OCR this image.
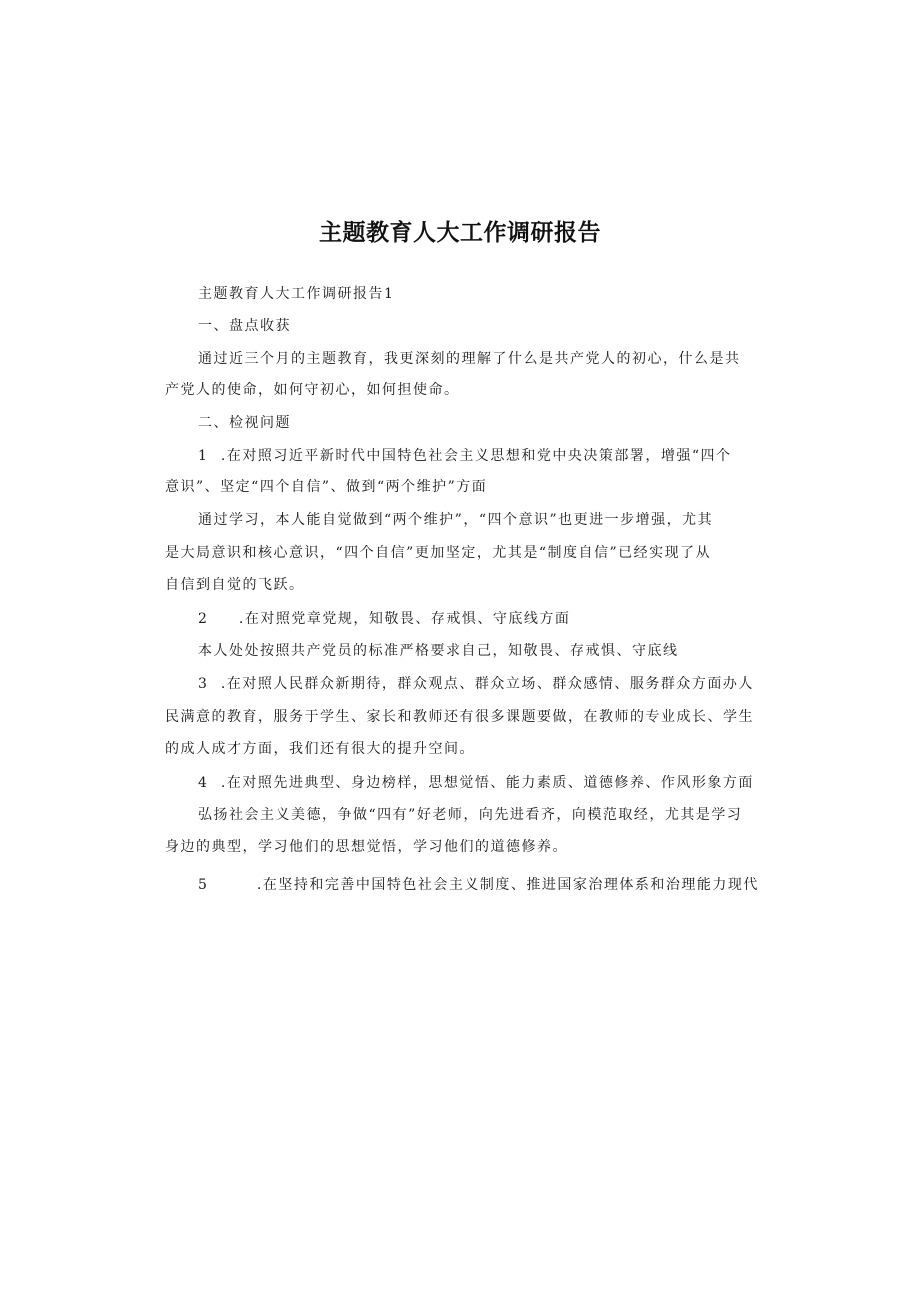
主题教育人大工作调研报告
主题教育人大工作调研报告1
一、盘点收获
通过近三个月的主题教育，我更深刻的理解了什么是共产党人的初心，什么是共
产党人的使命，如何守初心，如何担使命。
二、检视问题
1 .在对照习近平新时代中国特色社会主义思想和党中央决策部署，增强“四个
意识”、坚定“四个自信”、做到“两个维护”方面
通过学习，本人能自觉做到“两个维护”，“四个意识”也更进一步增强，尤其
是大局意识和核心意识，“四个自信”更加坚定，尤其是“制度自信”已经实现了从
自信到自觉的飞跃。
2 .在对照党章党规，知敬畏、存戒惧、守底线方面
本人处处按照共产党员的标准严格要求自己，知敬畏、存戒惧、守底线
3 .在对照人民群众新期待，群众观点、群众立场、群众感情、服务群众方面办人
民满意的教育，服务于学生、家长和教师还有很多课题要做，在教师的专业成长、学生
的成人成才方面，我们还有很大的提升空间。
4 .在对照先进典型、身边榜样，思想觉悟、能力素质、道德修养、作风形象方面
弘扬社会主义美德，争做“四有”好老师，向先进看齐，向模范取经，尤其是学习
身边的典型，学习他们的思想觉悟，学习他们的道德修养。
5	.在坚持和完善中国特色社会主义制度、推进国家治理体系和治理能力现代
